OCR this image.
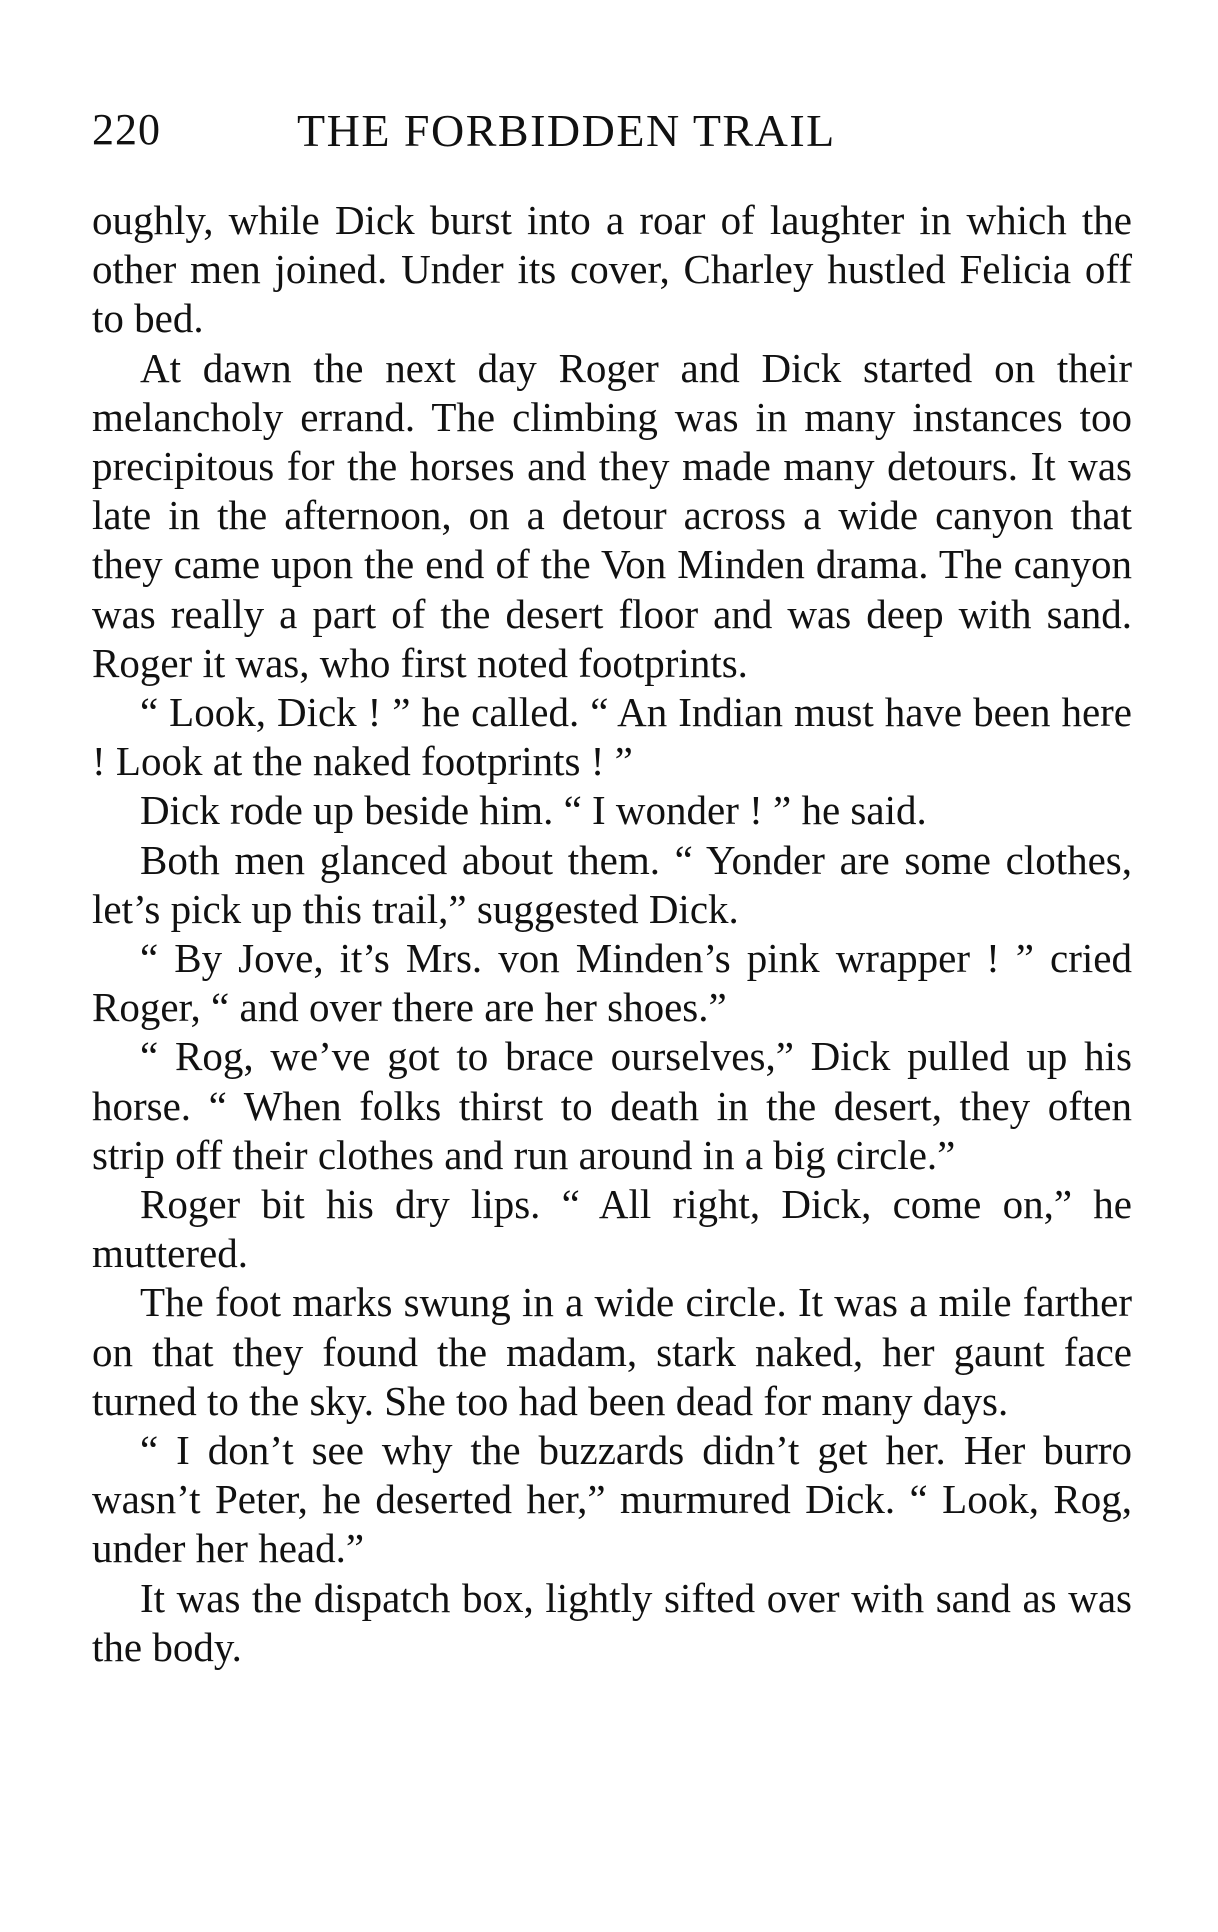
220	THE FORBIDDEN TRAIL

oughly, while Dick burst into a roar of laughter in which the other men joined. Under its cover, Charley hustled Felicia off to bed.

At dawn the next day Roger and Dick started on their melancholy errand. The climbing was in many instances too precipitous for the horses and they made many detours. It was late in the afternoon, on a detour across a wide canyon that they came upon the end of the Von Minden drama. The canyon was really a part of the desert floor and was deep with sand. Roger it was, who first noted footprints.

“ Look, Dick ! ” he called. “ An Indian must have been here ! Look at the naked footprints ! ”

Dick rode up beside him. “ I wonder ! ” he said.

Both men glanced about them. “ Yonder are some clothes, let’s pick up this trail,” suggested Dick.

“ By Jove, it’s Mrs. von Minden’s pink wrapper ! ” cried Roger, “ and over there are her shoes.”

“ Rog, we’ve got to brace ourselves,” Dick pulled up his horse. “ When folks thirst to death in the desert, they often strip off their clothes and run around in a big circle.”

Roger bit his dry lips. “ All right, Dick, come on,” he muttered.

The foot marks swung in a wide circle. It was a mile farther on that they found the madam, stark naked, her gaunt face turned to the sky. She too had been dead for many days.

“ I don’t see why the buzzards didn’t get her. Her burro wasn’t Peter, he deserted her,” murmured Dick. “ Look, Rog, under her head.”

It was the dispatch box, lightly sifted over with sand as was the body.
